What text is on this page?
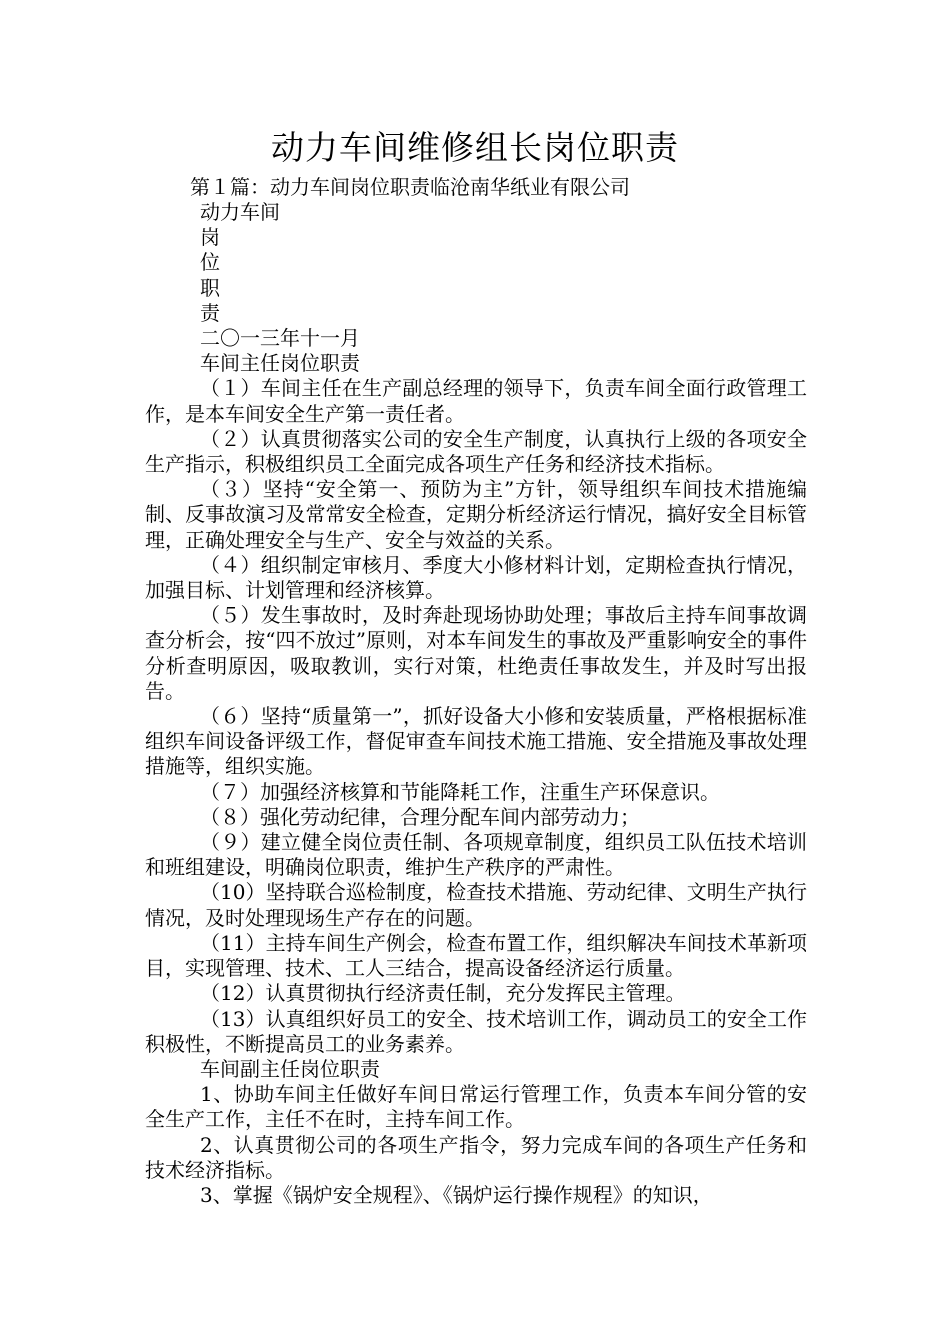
动力车间维修组长岗位职责
第１篇：动力车间岗位职责临沧南华纸业有限公司

动力车间

岗

位

职

责

二〇一三年十一月

车间主任岗位职责

（１）车间主任在生产副总经理的领导下，负责车间全面行政管理工作，是本车间安全生产第一责任者。

（２）认真贯彻落实公司的安全生产制度，认真执行上级的各项安全生产指示，积极组织员工全面完成各项生产任务和经济技术指标。

（３）坚持“安全第一、预防为主”方针，领导组织车间技术措施编制、反事故演习及常常安全检查，定期分析经济运行情况，搞好安全目标管理，正确处理安全与生产、安全与效益的关系。

（４）组织制定审核月、季度大小修材料计划，定期检查执行情况，加强目标、计划管理和经济核算。

（５）发生事故时，及时奔赴现场协助处理；事故后主持车间事故调查分析会，按“四不放过”原则，对本车间发生的事故及严重影响安全的事件分析查明原因，吸取教训，实行对策，杜绝责任事故发生，并及时写出报告。

（６）坚持“质量第一”，抓好设备大小修和安装质量，严格根据标准组织车间设备评级工作，督促审查车间技术施工措施、安全措施及事故处理措施等，组织实施。

（７）加强经济核算和节能降耗工作，注重生产环保意识。

（８）强化劳动纪律，合理分配车间内部劳动力；

（９）建立健全岗位责任制、各项规章制度，组织员工队伍技术培训和班组建设，明确岗位职责，维护生产秩序的严肃性。

（10）坚持联合巡检制度，检查技术措施、劳动纪律、文明生产执行情况，及时处理现场生产存在的问题。

（11）主持车间生产例会，检查布置工作，组织解决车间技术革新项目，实现管理、技术、工人三结合，提高设备经济运行质量。

（12）认真贯彻执行经济责任制，充分发挥民主管理。

（13）认真组织好员工的安全、技术培训工作，调动员工的安全工作积极性，不断提高员工的业务素养。

车间副主任岗位职责

1、协助车间主任做好车间日常运行管理工作，负责本车间分管的安全生产工作，主任不在时，主持车间工作。

2、认真贯彻公司的各项生产指令，努力完成车间的各项生产任务和技术经济指标。

3、掌握《锅炉安全规程》、《锅炉运行操作规程》的知识，
